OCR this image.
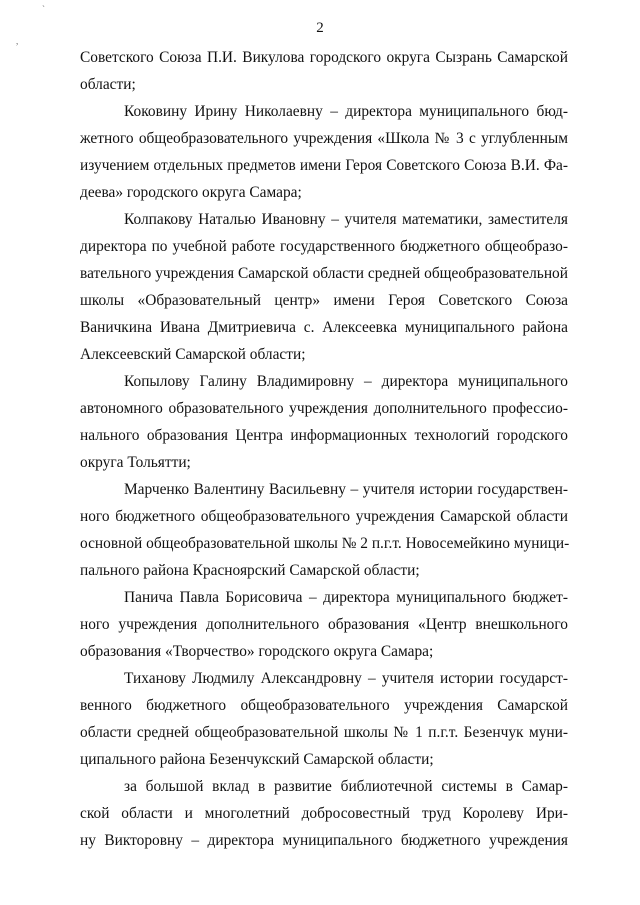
`
,
2
Советского Союза П.И. Викулова городского округа Сызрань Самарской
области;
Коковину Ирину Николаевну – директора муниципального бюд-
жетного общеобразовательного учреждения «Школа № 3 с углубленным
изучением отдельных предметов имени Героя Советского Союза В.И. Фа-
деева» городского округа Самара;
Колпакову Наталью Ивановну – учителя математики, заместителя
директора по учебной работе государственного бюджетного общеобразо-
вательного учреждения Самарской области средней общеобразовательной
школы «Образовательный центр» имени Героя Советского Союза
Ваничкина Ивана Дмитриевича с. Алексеевка муниципального района
Алексеевский Самарской области;
Копылову Галину Владимировну – директора муниципального
автономного образовательного учреждения дополнительного профессио-
нального образования Центра информационных технологий городского
округа Тольятти;
Марченко Валентину Васильевну – учителя истории государствен-
ного бюджетного общеобразовательного учреждения Самарской области
основной общеобразовательной школы № 2 п.г.т. Новосемейкино муници-
пального района Красноярский Самарской области;
Панича Павла Борисовича – директора муниципального бюджет-
ного учреждения дополнительного образования «Центр внешкольного
образования «Творчество» городского округа Самара;
Тиханову Людмилу Александровну – учителя истории государст-
венного бюджетного общеобразовательного учреждения Самарской
области средней общеобразовательной школы № 1 п.г.т. Безенчук муни-
ципального района Безенчукский Самарской области;
за большой вклад в развитие библиотечной системы в Самар-
ской области и многолетний добросовестный труд Королеву Ири-
ну Викторовну – директора муниципального бюджетного учреждения
